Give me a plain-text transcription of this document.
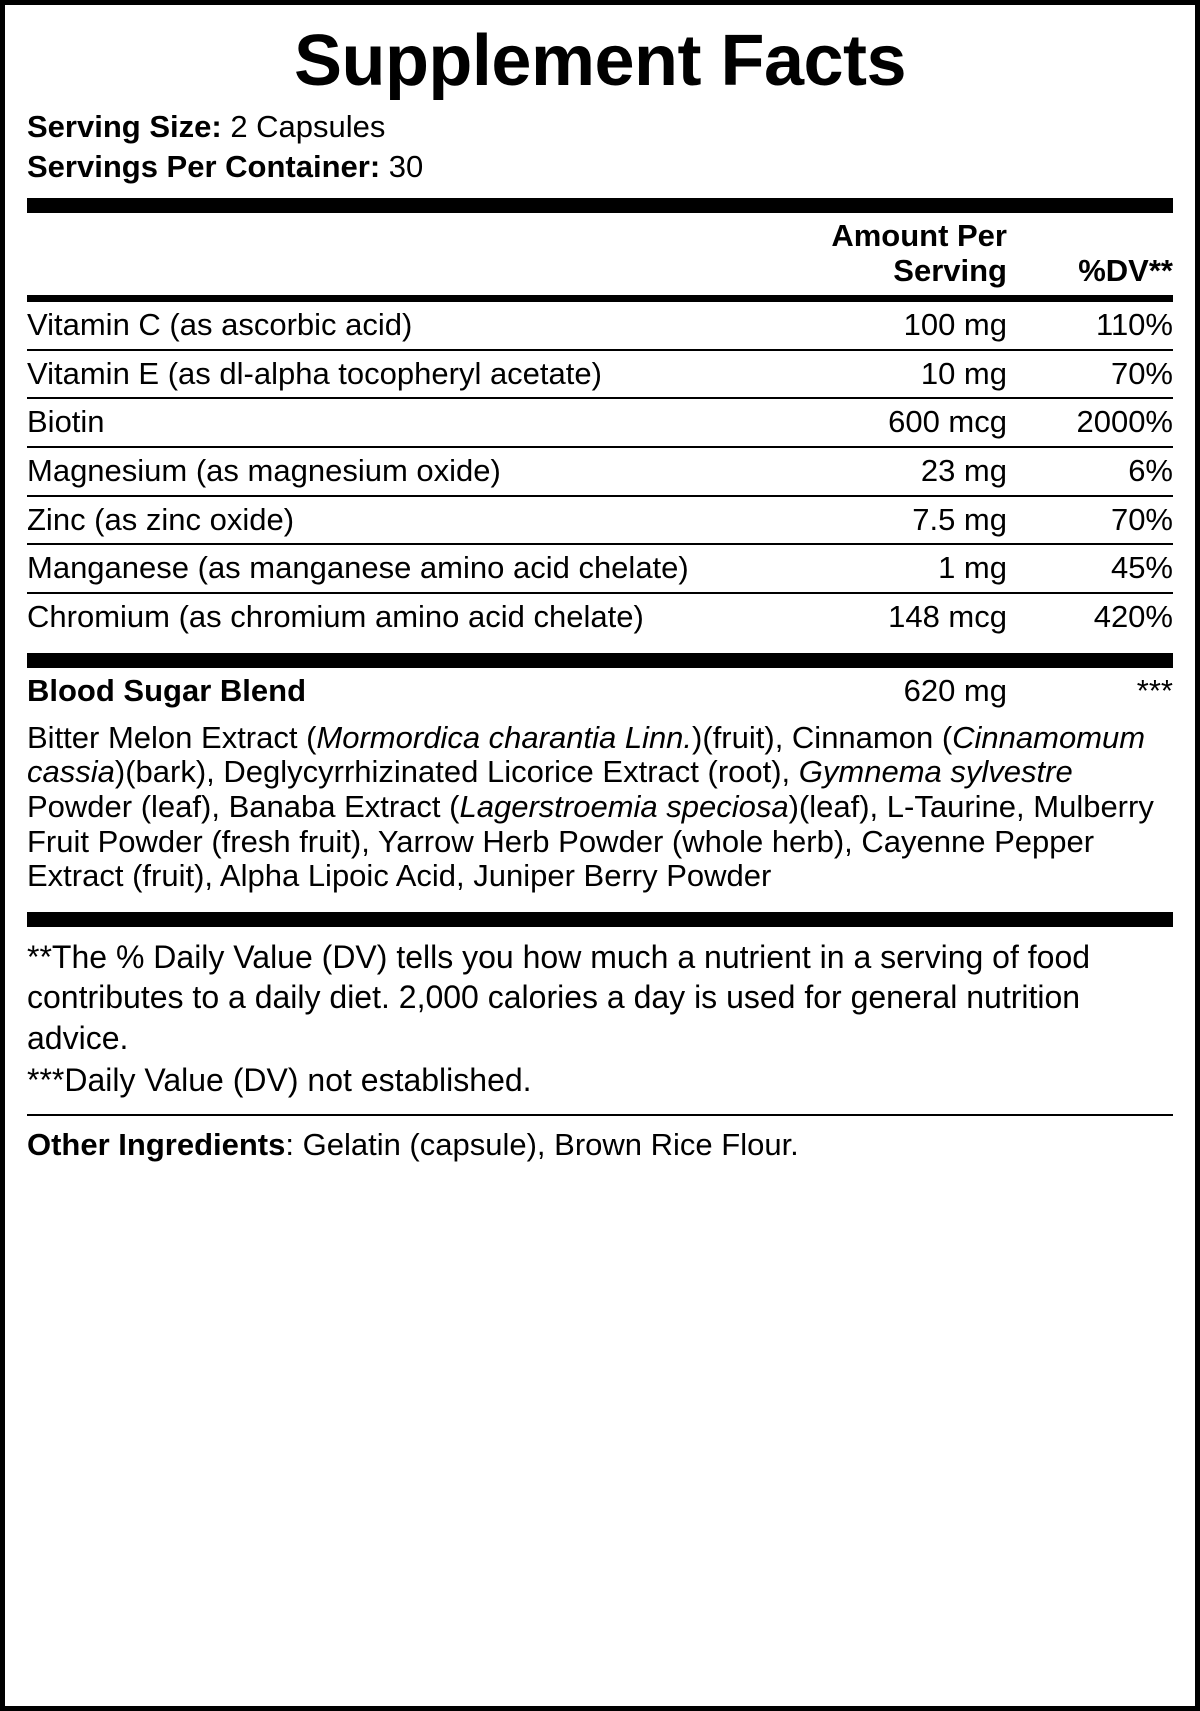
Supplement Facts
Serving Size: 2 Capsules
Servings Per Container: 30
	Amount Per Serving	%DV**
Vitamin C (as ascorbic acid)	100 mg	110%
Vitamin E (as dl-alpha tocopheryl acetate)	10 mg	70%
Biotin	600 mcg	2000%
Magnesium (as magnesium oxide)	23 mg	6%
Zinc (as zinc oxide)	7.5 mg	70%
Manganese (as manganese amino acid chelate)	1 mg	45%
Chromium (as chromium amino acid chelate)	148 mcg	420%
Blood Sugar Blend	620 mg	***
Bitter Melon Extract (Mormordica charantia Linn.)(fruit), Cinnamon (Cinnamomum cassia)(bark), Deglycyrrhizinated Licorice Extract (root), Gymnema sylvestre Powder (leaf), Banaba Extract (Lagerstroemia speciosa)(leaf), L-Taurine, Mulberry Fruit Powder (fresh fruit), Yarrow Herb Powder (whole herb), Cayenne Pepper Extract (fruit), Alpha Lipoic Acid, Juniper Berry Powder

**The % Daily Value (DV) tells you how much a nutrient in a serving of food contributes to a daily diet. 2,000 calories a day is used for general nutrition advice.

***Daily Value (DV) not established.

Other Ingredients: Gelatin (capsule), Brown Rice Flour.
